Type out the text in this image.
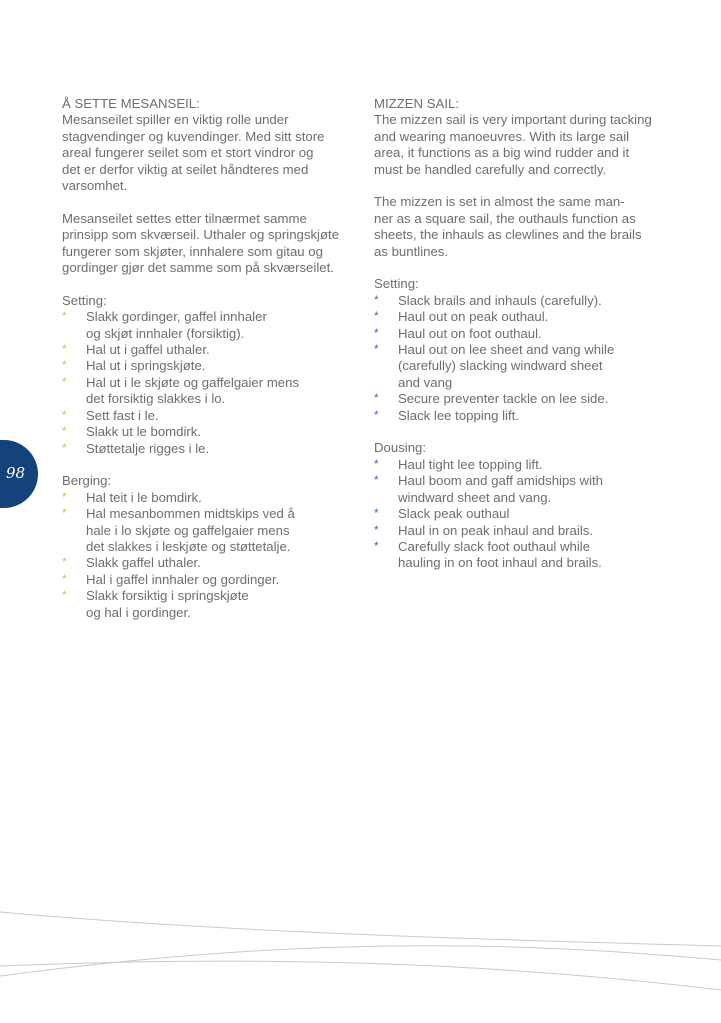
Å SETTE MESANSEIL:

Mesanseilet spiller en viktig rolle under
stagvendinger og kuvendinger. Med sitt store
areal fungerer seilet som et stort vindror og
det er derfor viktig at seilet håndteres med
varsomhet.
Mesanseilet settes etter tilnærmet samme
prinsipp som skværseil. Uthaler og springskjøte
fungerer som skjøter, innhalere som gitau og
gordinger gjør det samme som på skværseilet.

Setting:

* Slakk gordinger, gaffel innhaler
og skjøt innhaler (forsiktig).
* Hal ut i gaffel uthaler.
* Hal ut i springskjøte.
* Hal ut i le skjøte og gaffelgaier mens
det forsiktig slakkes i lo.
* Sett fast i le.
* Slakk ut le bomdirk.
* Støttetalje rigges i le.

Berging:

* Hal teit i le bomdirk.
* Hal mesanbommen midtskips ved å
hale i lo skjøte og gaffelgaier mens
det slakkes i leskjøte og støttetalje.
* Slakk gaffel uthaler.
* Hal i gaffel innhaler og gordinger.
* Slakk forsiktig i springskjøte
og hal i gordinger.

MIZZEN SAIL:

The mizzen sail is very important during tacking
and wearing manoeuvres. With its large sail
area, it functions as a big wind rudder and it
must be handled carefully and correctly.
The mizzen is set in almost the same man-
ner as a square sail, the outhauls function as
sheets, the inhauls as clewlines and the brails
as buntlines.

Setting:

* Slack brails and inhauls (carefully).
* Haul out on peak outhaul.
* Haul out on foot outhaul.
* Haul out on lee sheet and vang while
(carefully) slacking windward sheet
and vang
* Secure preventer tackle on lee side.
* Slack lee topping lift.

Dousing:

* Haul tight lee topping lift.
* Haul boom and gaff amidships with
windward sheet and vang.
* Slack peak outhaul
* Haul in on peak inhaul and brails.
* Carefully slack foot outhaul while
hauling in on foot inhaul and brails.
98
